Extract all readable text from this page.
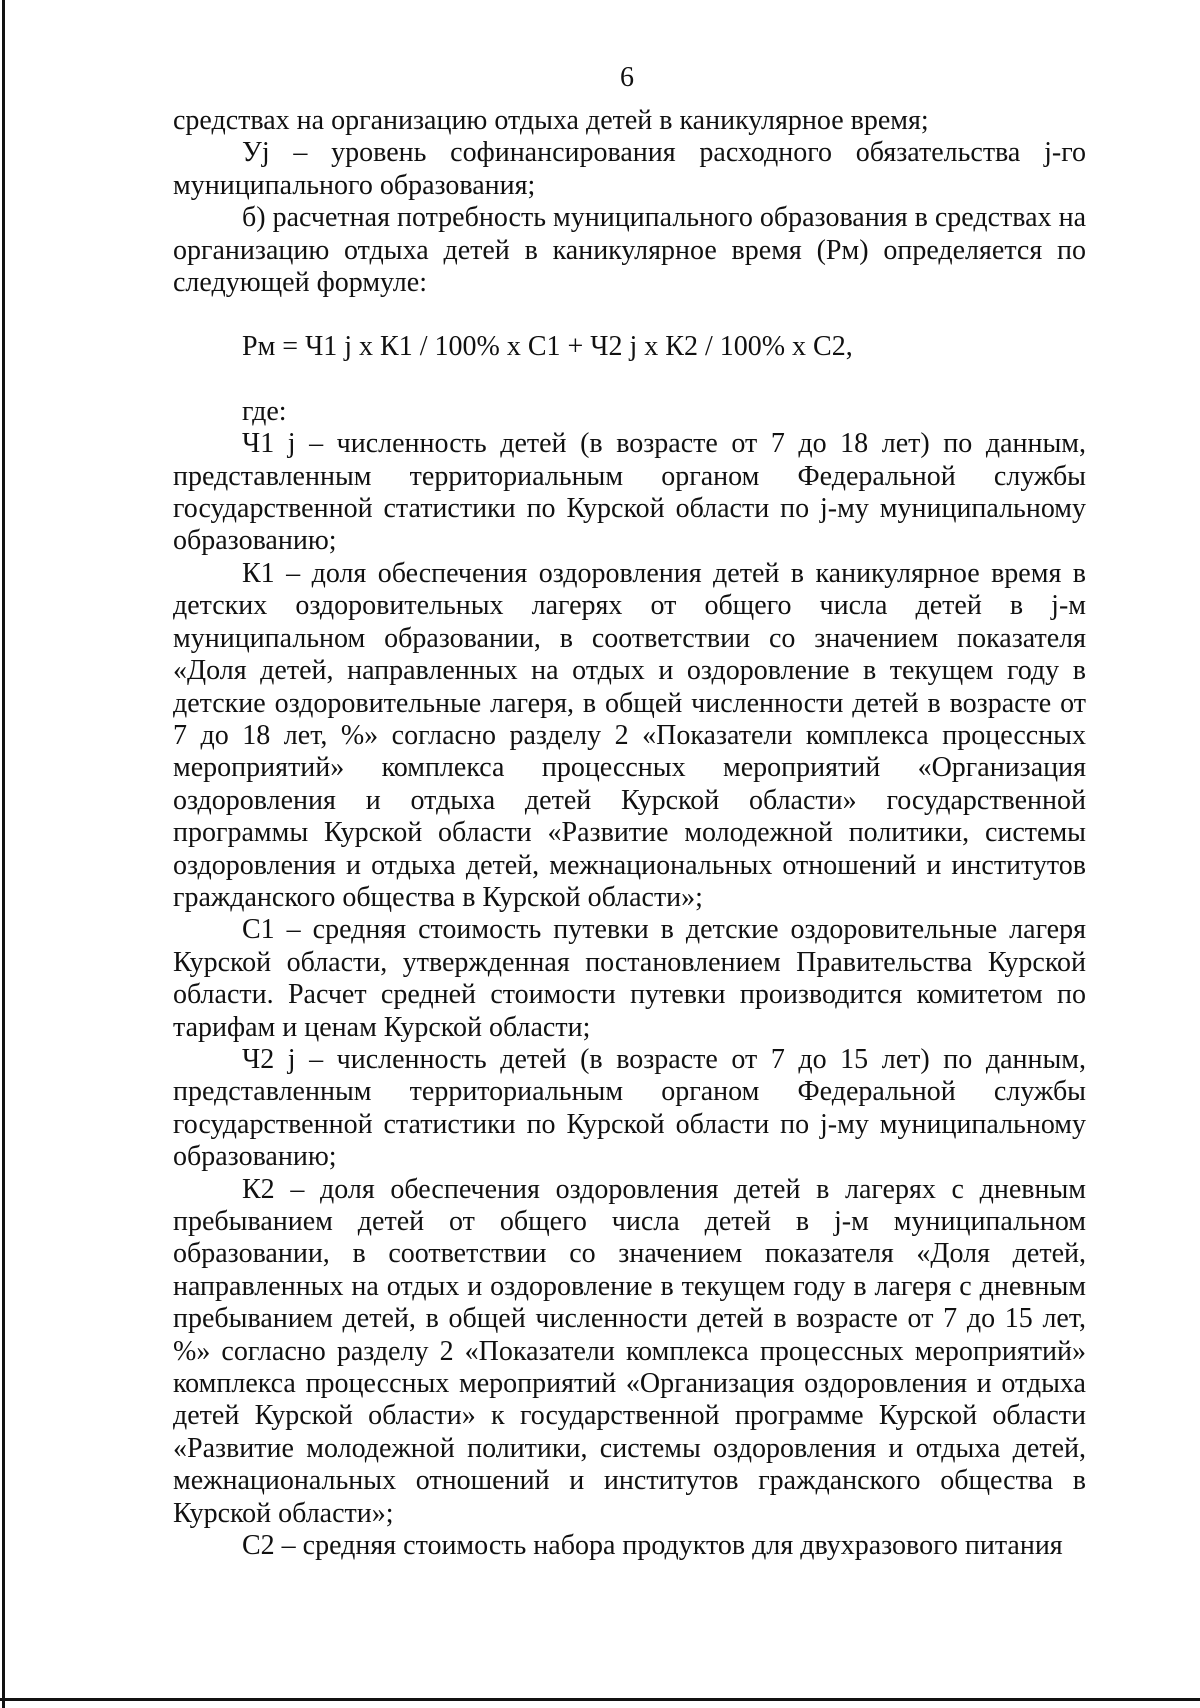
6

средствах на организацию отдыха детей в каникулярное время;

Уj – уровень софинансирования расходного обязательства j-го муниципального образования;

б) расчетная потребность муниципального образования в средствах на организацию отдыха детей в каникулярное время (Рм) определяется по следующей формуле:

Рм = Ч1 j х К1 / 100% х С1 + Ч2 j х К2 / 100% х С2,

где:

Ч1 j – численность детей (в возрасте от 7 до 18 лет) по данным, представленным территориальным органом Федеральной службы государственной статистики по Курской области по j-му муниципальному образованию;

К1 – доля обеспечения оздоровления детей в каникулярное время в детских оздоровительных лагерях от общего числа детей в j-м муниципальном образовании, в соответствии со значением показателя «Доля детей, направленных на отдых и оздоровление в текущем году в детские оздоровительные лагеря, в общей численности детей в возрасте от 7 до 18 лет, %» согласно разделу 2 «Показатели комплекса процессных мероприятий» комплекса процессных мероприятий «Организация оздоровления и отдыха детей Курской области» государственной программы Курской области «Развитие молодежной политики, системы оздоровления и отдыха детей, межнациональных отношений и институтов гражданского общества в Курской области»;

С1 – средняя стоимость путевки в детские оздоровительные лагеря Курской области, утвержденная постановлением Правительства Курской области. Расчет средней стоимости путевки производится комитетом по тарифам и ценам Курской области;

Ч2 j – численность детей (в возрасте от 7 до 15 лет) по данным, представленным территориальным органом Федеральной службы государственной статистики по Курской области по j-му муниципальному образованию;

К2 – доля обеспечения оздоровления детей в лагерях с дневным пребыванием детей от общего числа детей в j-м муниципальном образовании, в соответствии со значением показателя «Доля детей, направленных на отдых и оздоровление в текущем году в лагеря с дневным пребыванием детей, в общей численности детей в возрасте от 7 до 15 лет, %» согласно разделу 2 «Показатели комплекса процессных мероприятий» комплекса процессных мероприятий «Организация оздоровления и отдыха детей Курской области» к государственной программе Курской области «Развитие молодежной политики, системы оздоровления и отдыха детей, межнациональных отношений и институтов гражданского общества в Курской области»;

С2 – средняя стоимость набора продуктов для двухразового питания
